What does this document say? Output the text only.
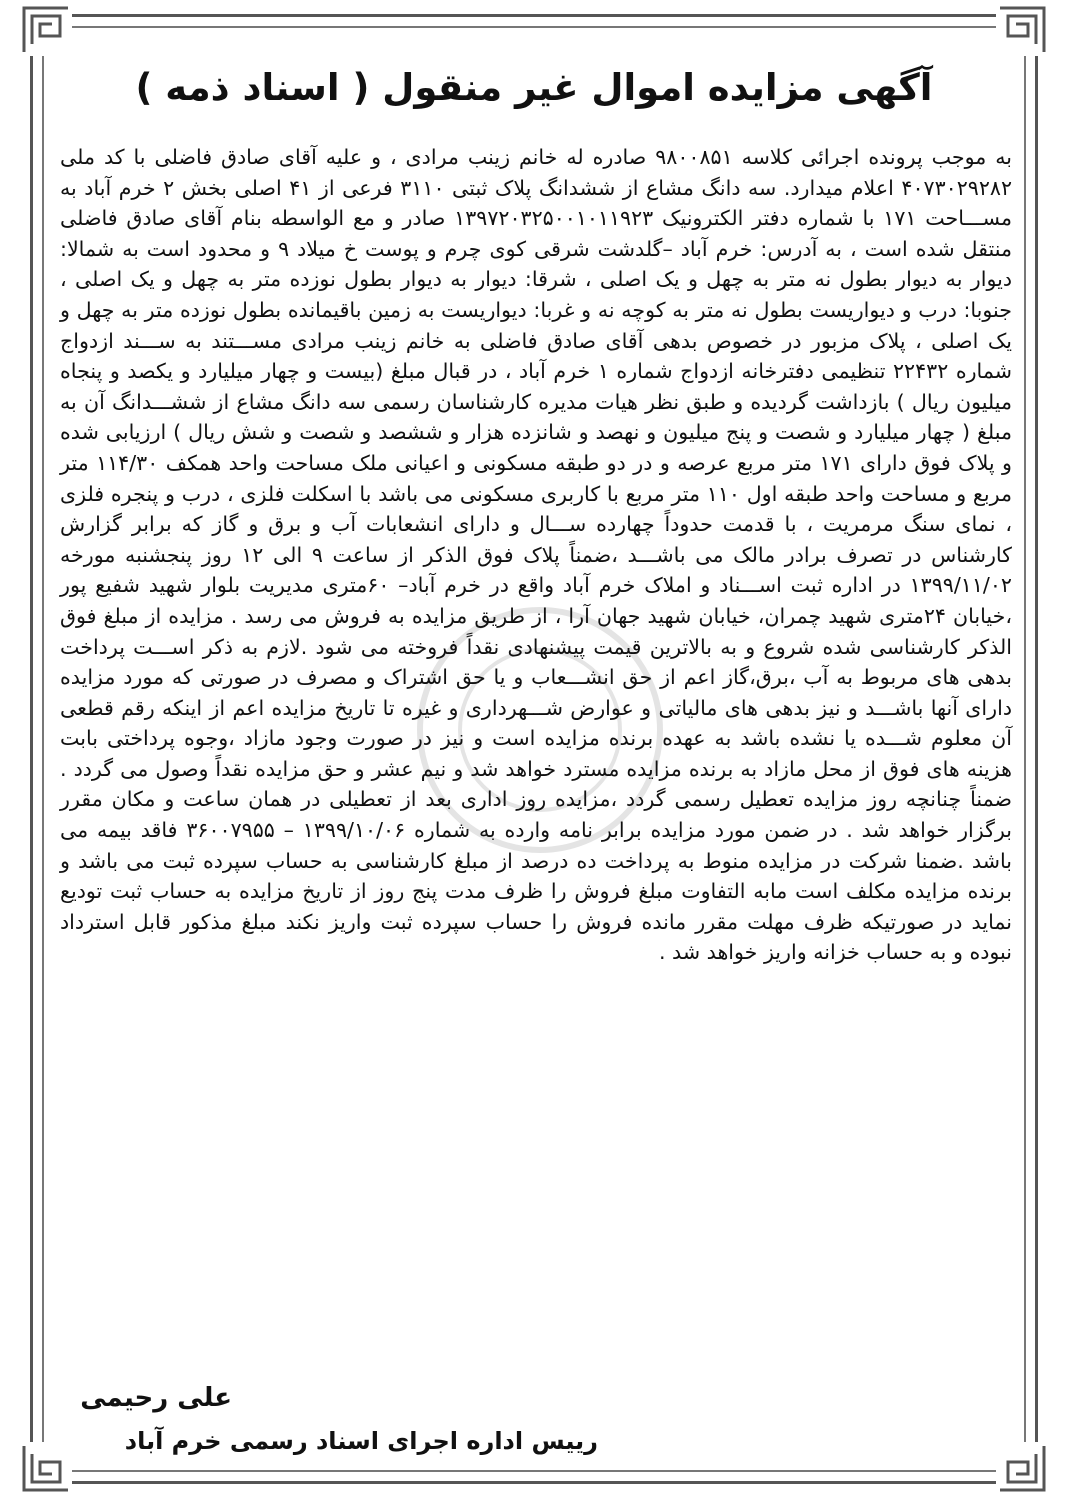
آگهی مزایده اموال غیر منقول ( اسناد ذمه )
به موجب پرونده اجرائی کلاسه ۹۸۰۰۸۵۱ صادره له خانم زینب مرادی ، و علیه آقای صادق فاضلی با کد ملی ۴۰۷۳۰۲۹۲۸۲ اعلام میدارد. سه دانگ مشاع از ششدانگ پلاک ثبتی ۳۱۱۰ فرعی از ۴۱ اصلی بخش ۲ خرم آباد به مســـاحت ۱۷۱ با شماره دفتر الکترونیک ۱۳۹۷۲۰۳۲۵۰۰۱۰۱۱۹۲۳ صادر و مع الواسطه بنام آقای صادق فاضلی منتقل شده است ، به آدرس: خرم آباد –گلدشت شرقی کوی چرم و پوست خ میلاد ۹ و محدود است به شمالا: دیوار به دیوار بطول نه متر به چهل و یک اصلی ، شرقا: دیوار به دیوار بطول نوزده متر به چهل و یک اصلی ، جنوبا: درب و دیواریست بطول نه متر به کوچه نه و غربا: دیواریست به زمین باقیمانده بطول نوزده متر به چهل و یک اصلی ، پلاک مزبور در خصوص بدهی آقای صادق فاضلی به خانم زینب مرادی مســـتند به ســـند ازدواج شماره ۲۲۴۳۲ تنظیمی دفترخانه ازدواج شماره ۱ خرم آباد ، در قبال مبلغ (بیست و چهار میلیارد و یکصد و پنجاه میلیون ریال ) بازداشت گردیده و طبق نظر هیات مدیره کارشناسان رسمی سه دانگ مشاع از ششـــدانگ آن به مبلغ ( چهار میلیارد و شصت و پنج میلیون و نهصد و شانزده هزار و ششصد و شصت و شش ریال ) ارزیابی شده و پلاک فوق دارای ۱۷۱ متر مربع عرصه و در دو طبقه مسکونی و اعیانی ملک مساحت واحد همکف ۱۱۴/۳۰ متر مربع و مساحت واحد طبقه اول ۱۱۰ متر مربع با کاربری مسکونی می باشد با اسکلت فلزی ، درب و پنجره فلزی ، نمای سنگ مرمریت ، با قدمت حدوداً چهارده ســـال و دارای انشعابات آب و برق و گاز که برابر گزارش کارشناس در تصرف برادر مالک می باشـــد ،ضمناً پلاک فوق الذکر از ساعت ۹ الی ۱۲ روز پنجشنبه مورخه ۱۳۹۹/۱۱/۰۲ در اداره ثبت اســـناد و املاک خرم آباد واقع در خرم آباد– ۶۰متری مدیریت بلوار شهید شفیع پور ،خیابان ۲۴متری شهید چمران، خیابان شهید جهان آرا ، از طریق مزایده به فروش می رسد . مزایده از مبلغ فوق الذکر کارشناسی شده شروع و به بالاترین قیمت پیشنهادی نقداً فروخته می شود .لازم به ذکر اســـت پرداخت بدهی های مربوط به آب ،برق،گاز اعم از حق انشـــعاب و یا حق اشتراک و مصرف در صورتی که مورد مزایده دارای آنها باشـــد و نیز بدهی های مالیاتی و عوارض شـــهرداری و غیره تا تاریخ مزایده اعم از اینکه رقم قطعی آن معلوم شـــده یا نشده باشد به عهده برنده مزایده است و نیز در صورت وجود مازاد ،وجوه پرداختی بابت هزینه های فوق از محل مازاد به برنده مزایده مسترد خواهد شد و نیم عشر و حق مزایده نقداً وصول می گردد . ضمناً چنانچه روز مزایده تعطیل رسمی گردد ،مزایده روز اداری بعد از تعطیلی در همان ساعت و مکان مقرر برگزار خواهد شد . در ضمن مورد مزایده برابر نامه وارده به شماره ۱۳۹۹/۱۰/۰۶ – ۳۶۰۰۷۹۵۵ فاقد بیمه می باشد .ضمنا شرکت در مزایده منوط به پرداخت ده درصد از مبلغ کارشناسی به حساب سپرده ثبت می باشد و برنده مزایده مکلف است مابه التفاوت مبلغ فروش را ظرف مدت پنج روز از تاریخ مزایده به حساب ثبت تودیع نماید در صورتیکه ظرف مهلت مقرر مانده فروش را حساب سپرده ثبت واریز نکند مبلغ مذکور قابل استرداد نبوده و به حساب خزانه واریز خواهد شد .
علی رحیمی
رییس اداره اجرای اسناد رسمی خرم آباد
